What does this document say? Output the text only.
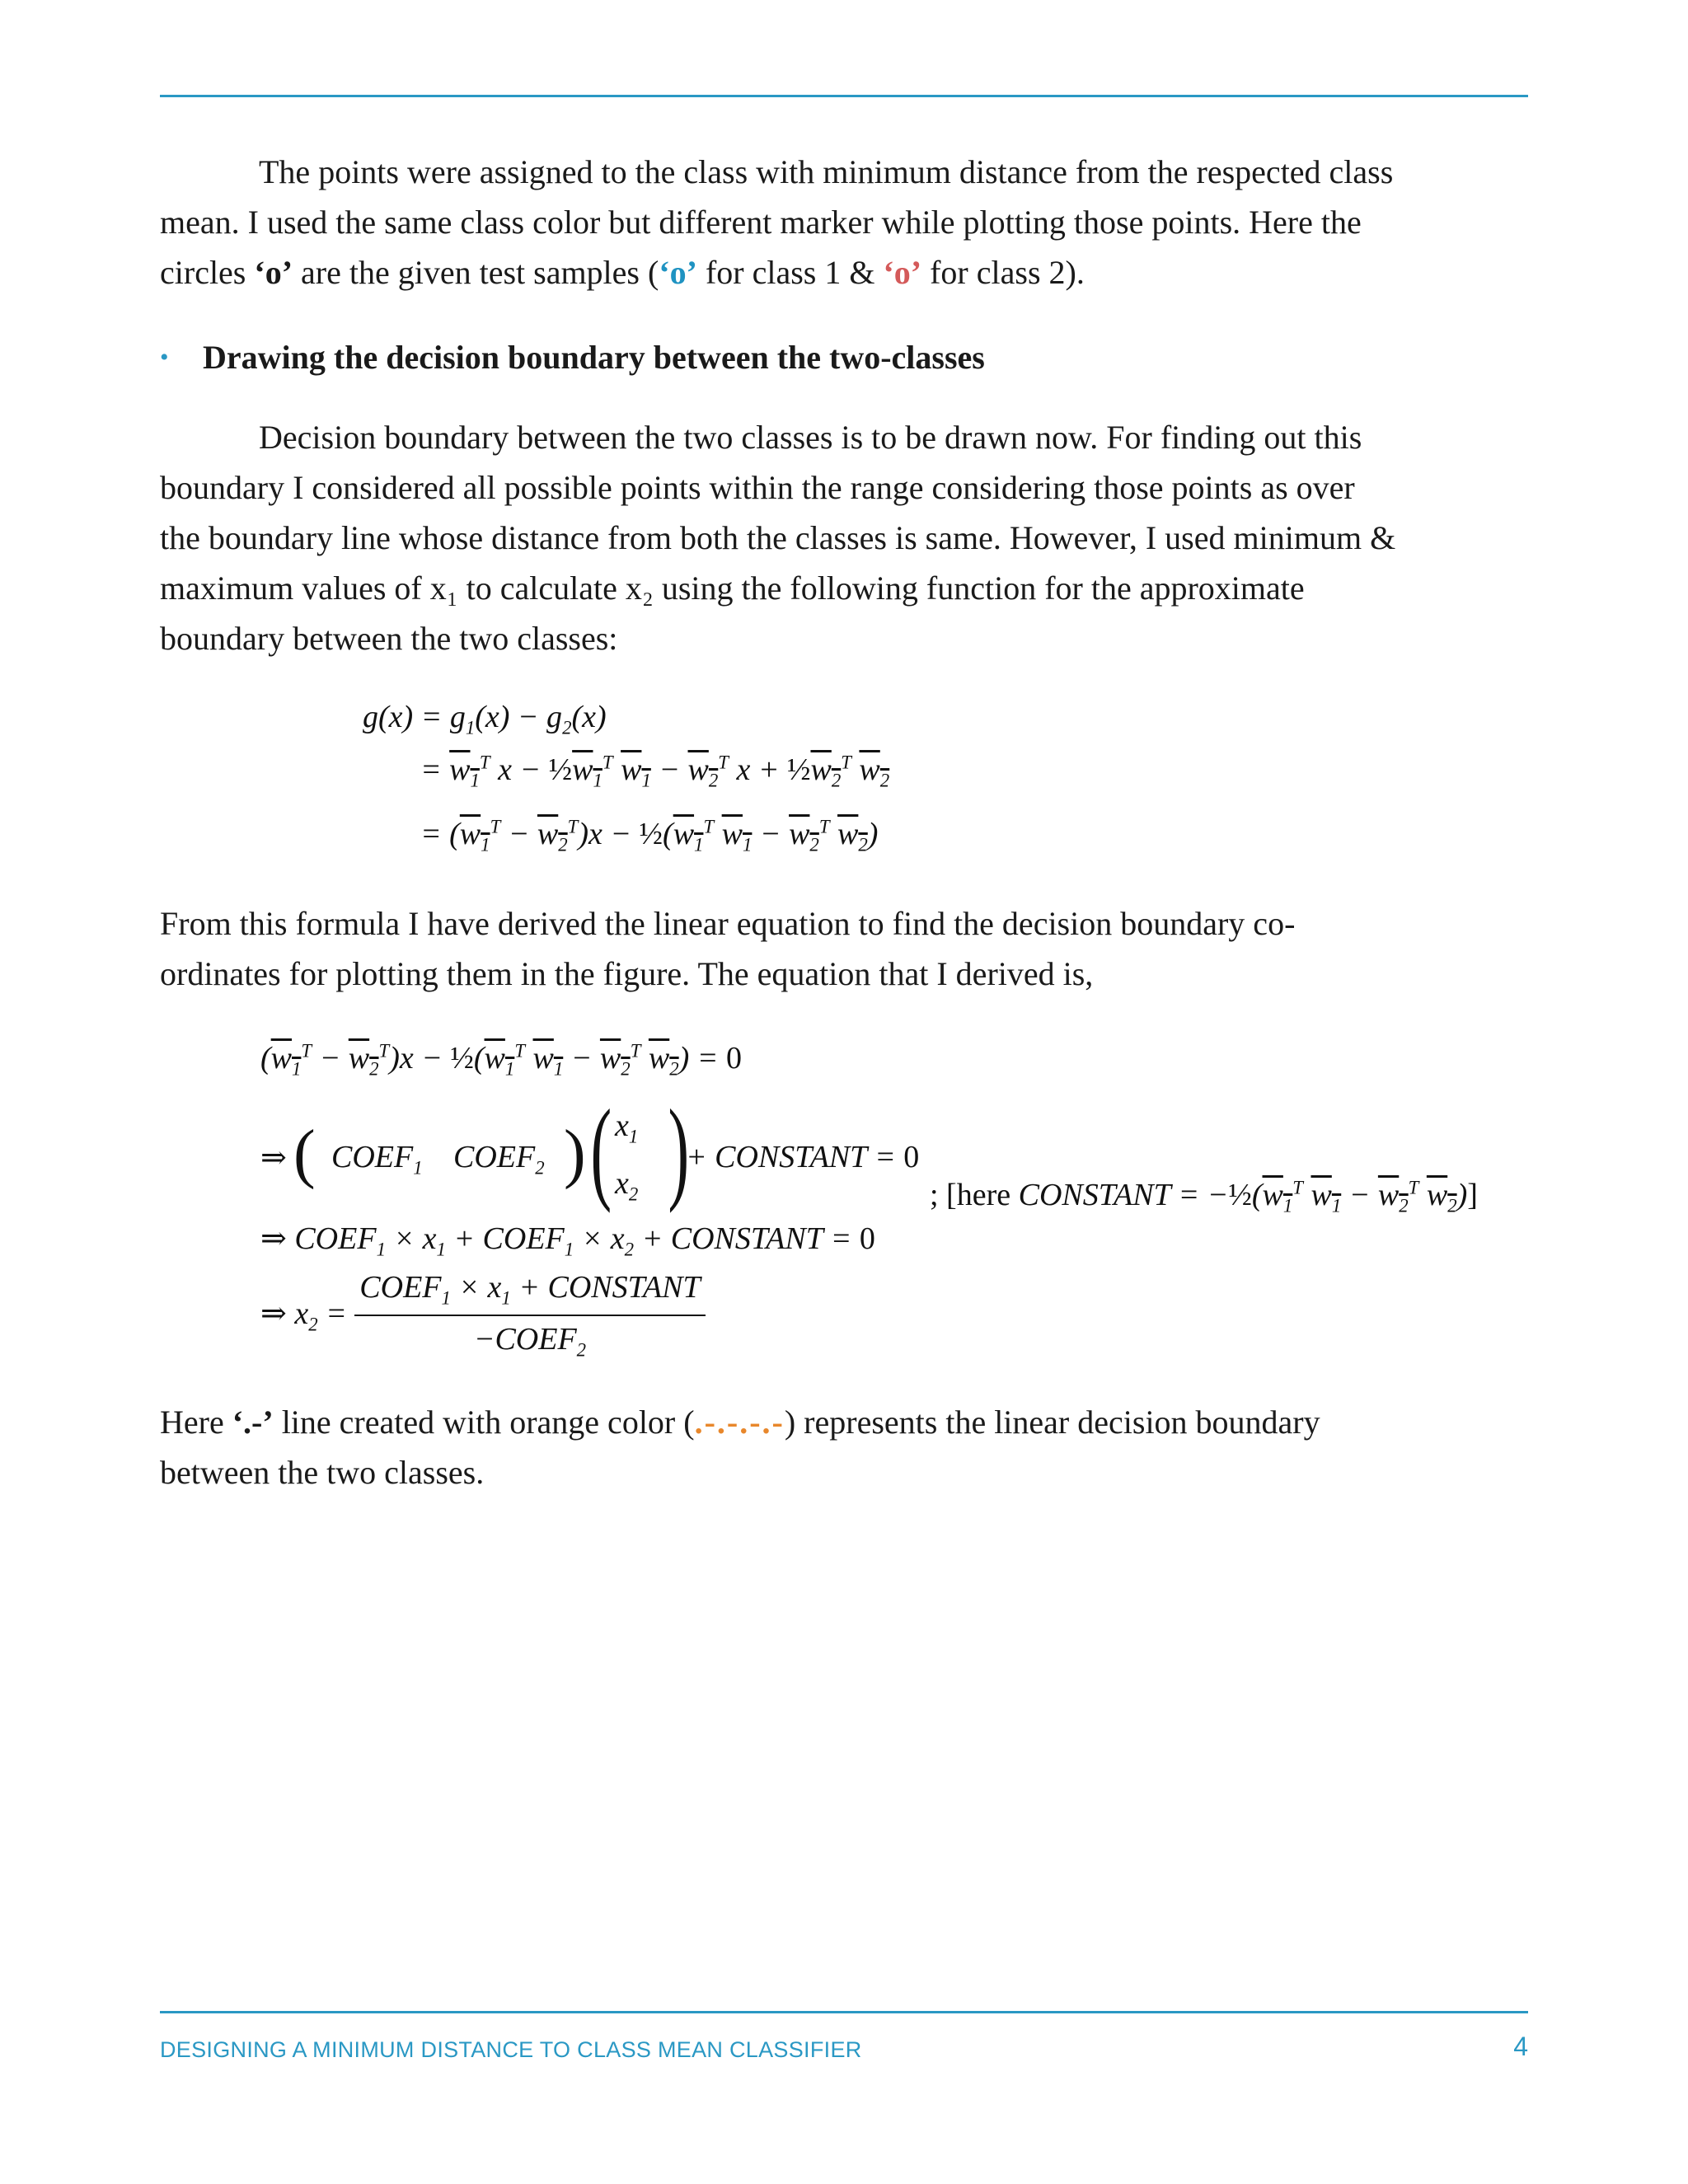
The points were assigned to the class with minimum distance from the respected class
mean. I used the same class color but different marker while plotting those points. Here the
circles ‘o’ are the given test samples (‘o’ for class 1 & ‘o’ for class 2).

• Drawing the decision boundary between the two-classes

Decision boundary between the two classes is to be drawn now. For finding out this
boundary I considered all possible points within the range considering those points as over
the boundary line whose distance from both the classes is same. However, I used minimum &
maximum values of x₁ to calculate x₂ using the following function for the approximate
boundary between the two classes:

$g(x) = g_1(x) - g_2(x)$
= $w_1^T$ $x - \frac{1}{2}w_1^T$ $w_1 - w_2^T$ $x + \frac{1}{2}w_2^T$ $w_2$
= $(w_1^T - w_2^T)x$ − $\frac{1}{2}(w_1^T$ $w_1 - w_2^T$ $w_2$)

From this formula I have derived the linear equation to find the decision boundary co-
ordinates for plotting them in the figure. The equation that I derived is,

$(w_1^T - w_2^T)x$ − $\frac{1}{2}(w_1^T$ $w_1 - w_2^T$ $w_2) = 0$
⇒ ( $COEF_1$ $COEF_2$ ) ( $x_1$
$x_2$ )
+ CONSTANT = 0
; [here CONSTANT = $-\frac{1}{2}(w_1^T$ $w_1 - w_2^T$ $w_2$)]
⇒ $COEF_1 \times x_1$ + $COEF_1 \times x_2$ + CONSTANT = 0
⇒ $x_2 = \frac{COEF_1 \times x_1 + CONSTANT}{-COEF_2}$

Here ‘.-’ line created with orange color (.-.-.-.-) represents the linear decision boundary
between the two classes.

DESIGNING A MINIMUM DISTANCE TO CLASS MEAN CLASSIFIER	4
